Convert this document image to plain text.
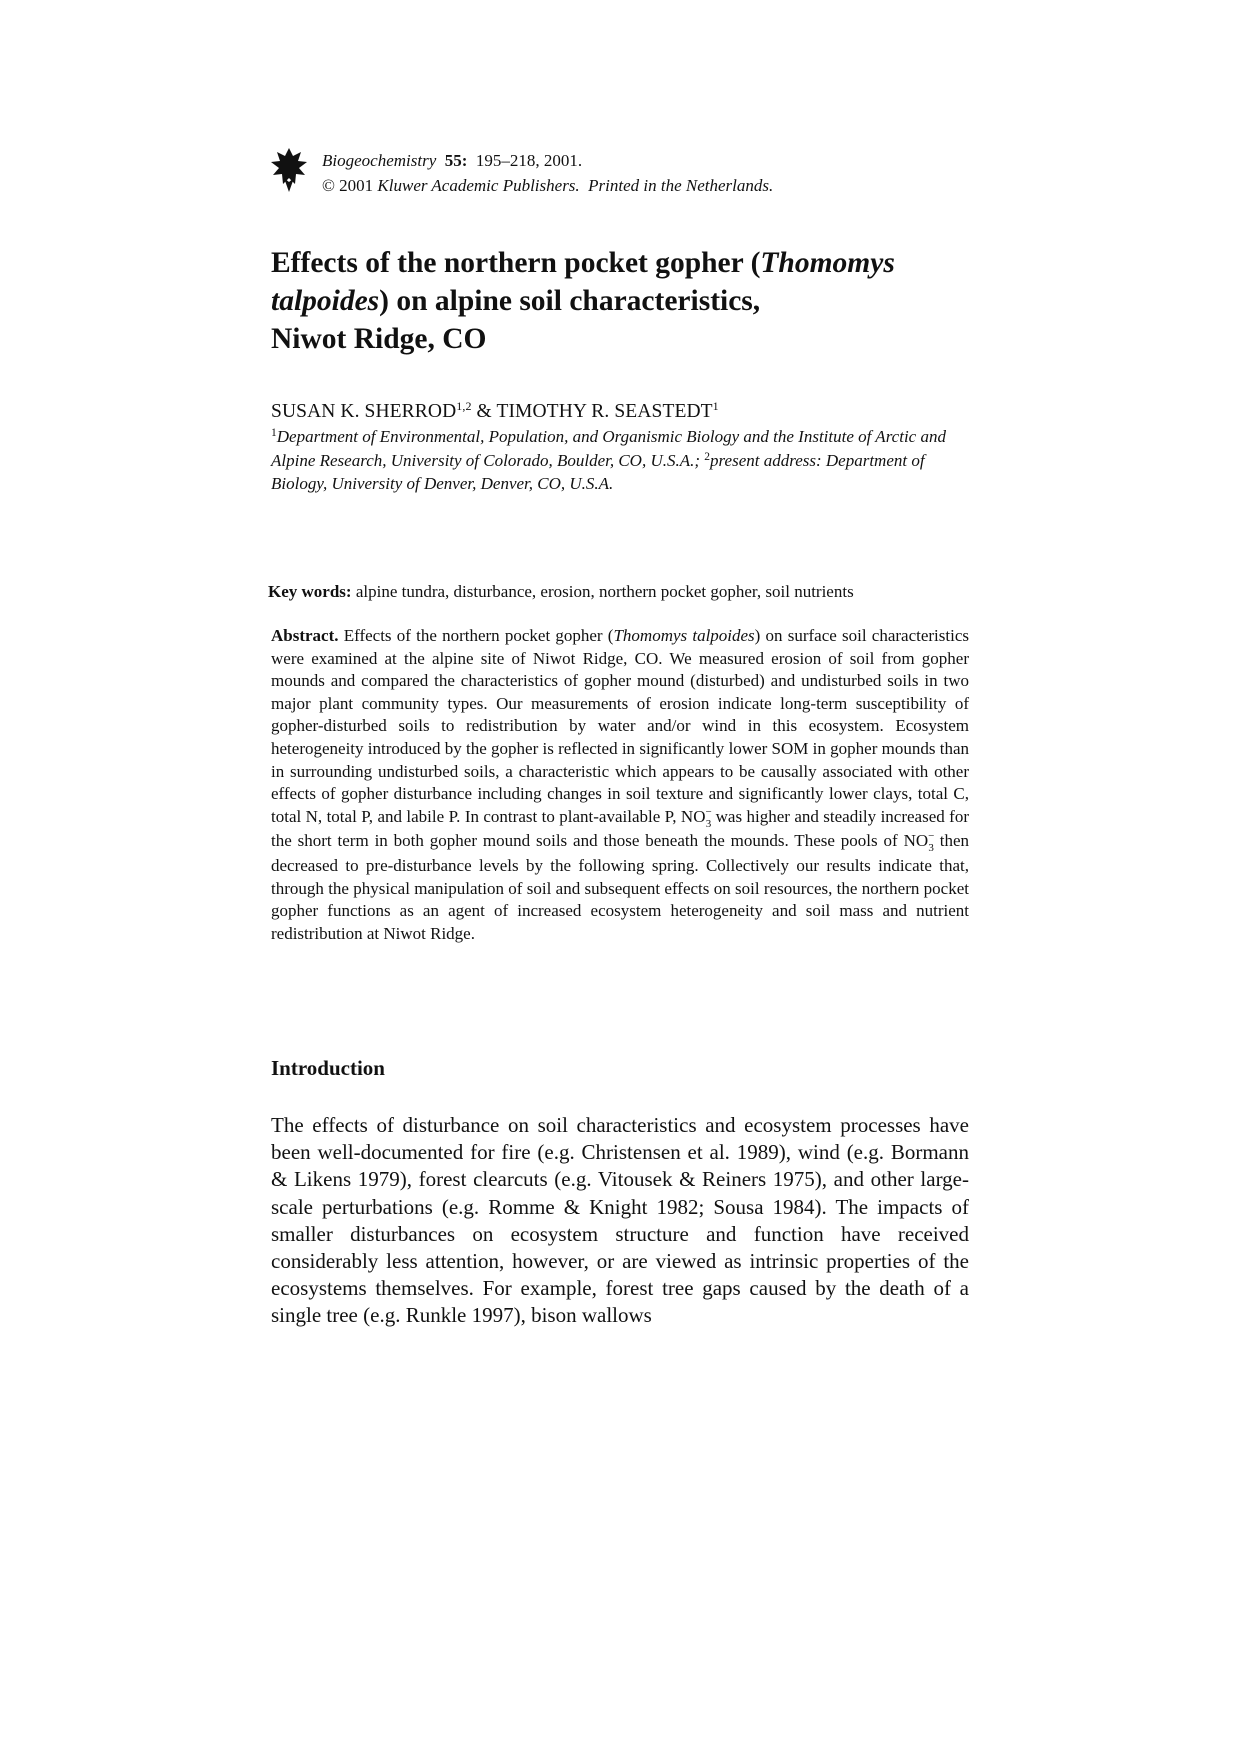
Biogeochemistry 55: 195–218, 2001.
© 2001 Kluwer Academic Publishers. Printed in the Netherlands.
Effects of the northern pocket gopher (Thomomys
talpoides) on alpine soil characteristics,
Niwot Ridge, CO
SUSAN K. SHERROD$^{1,2}$ & TIMOTHY R. SEASTEDT$^1$
$^1$Department of Environmental, Population, and Organismic Biology and the Institute of Arctic and Alpine Research, University of Colorado, Boulder, CO, U.S.A.; $^2$present address: Department of Biology, University of Denver, Denver, CO, U.S.A.
Key words: alpine tundra, disturbance, erosion, northern pocket gopher, soil nutrients
Abstract. Effects of the northern pocket gopher (Thomomys talpoides) on surface soil characteristics were examined at the alpine site of Niwot Ridge, CO. We measured erosion of soil from gopher mounds and compared the characteristics of gopher mound (disturbed) and undisturbed soils in two major plant community types. Our measurements of erosion indicate long-term susceptibility of gopher-disturbed soils to redistribution by water and/or wind in this ecosystem. Ecosystem heterogeneity introduced by the gopher is reflected in significantly lower SOM in gopher mounds than in surrounding undisturbed soils, a characteristic which appears to be causally associated with other effects of gopher disturbance including changes in soil texture and significantly lower clays, total C, total N, total P, and labile P. In contrast to plant-available P, $NO^-_3$ was higher and steadily increased for the short term in both gopher mound soils and those beneath the mounds. These pools of $NO^-_3$ then decreased to pre-disturbance levels by the following spring. Collectively our results indicate that, through the physical manipulation of soil and subsequent effects on soil resources, the northern pocket gopher functions as an agent of increased ecosystem heterogeneity and soil mass and nutrient redistribution at Niwot Ridge.
Introduction
The effects of disturbance on soil characteristics and ecosystem processes have been well-documented for fire (e.g. Christensen et al. 1989), wind (e.g. Bormann & Likens 1979), forest clearcuts (e.g. Vitousek & Reiners 1975), and other large-scale perturbations (e.g. Romme & Knight 1982; Sousa 1984). The impacts of smaller disturbances on ecosystem structure and function have received considerably less attention, however, or are viewed as intrinsic properties of the ecosystems themselves. For example, forest tree gaps caused by the death of a single tree (e.g. Runkle 1997), bison wallows
